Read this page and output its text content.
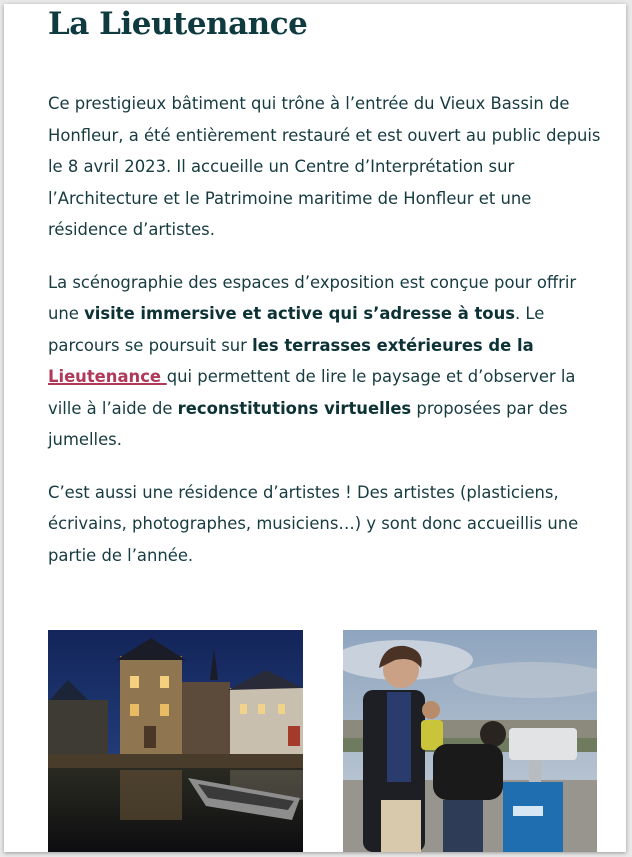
La Lieutenance

Ce prestigieux bâtiment qui trône à l’entrée du Vieux Bassin de Honfleur, a été entièrement restauré et est ouvert au public depuis le 8 avril 2023. Il accueille un Centre d’Interprétation sur l’Architecture et le Patrimoine maritime de Honfleur et une résidence d’artistes.

La scénographie des espaces d’exposition est conçue pour offrir une visite immersive et active qui s’adresse à tous. Le parcours se poursuit sur les terrasses extérieures de la Lieutenance qui permettent de lire le paysage et d’observer la ville à l’aide de reconstitutions virtuelles proposées par des jumelles.

C’est aussi une résidence d’artistes ! Des artistes (plasticiens, écrivains, photographes, musiciens…) y sont donc accueillis une partie de l’année.
